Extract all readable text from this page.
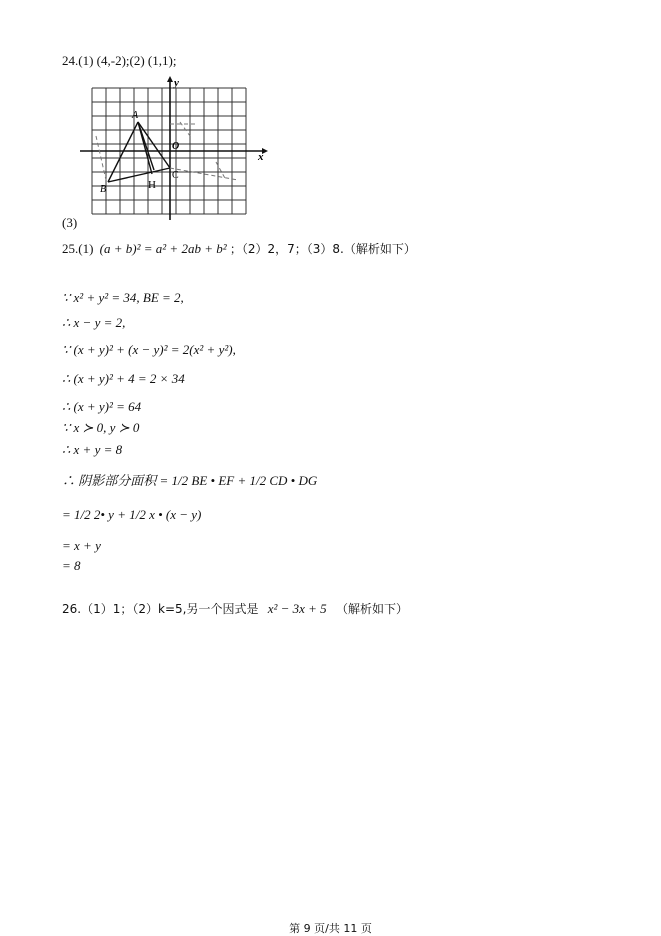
24.(1) (4,-2);(2) (1,1);
y
x
O
A
B
C
H
(3)
25.(1) (a + b)² = a² + 2ab + b² ；（2）2，7；（3）8.（解析如下）
∵ x² + y² = 34, BE = 2,
∴ x − y = 2,
∵ (x + y)² + (x − y)² = 2(x² + y²),
∴ (x + y)² + 4 = 2 × 34
∴ (x + y)² = 64
∵ x ≻ 0, y ≻ 0
∴ x + y = 8
∴ 阴影部分面积 = 1/2 BE • EF + 1/2 CD • DG
= 1/2 2• y + 1/2 x • (x − y)
= x + y
= 8
26.（1）1；（2）k=5,另一个因式是 x² − 3x + 5 （解析如下）
第 9 页/共 11 页
